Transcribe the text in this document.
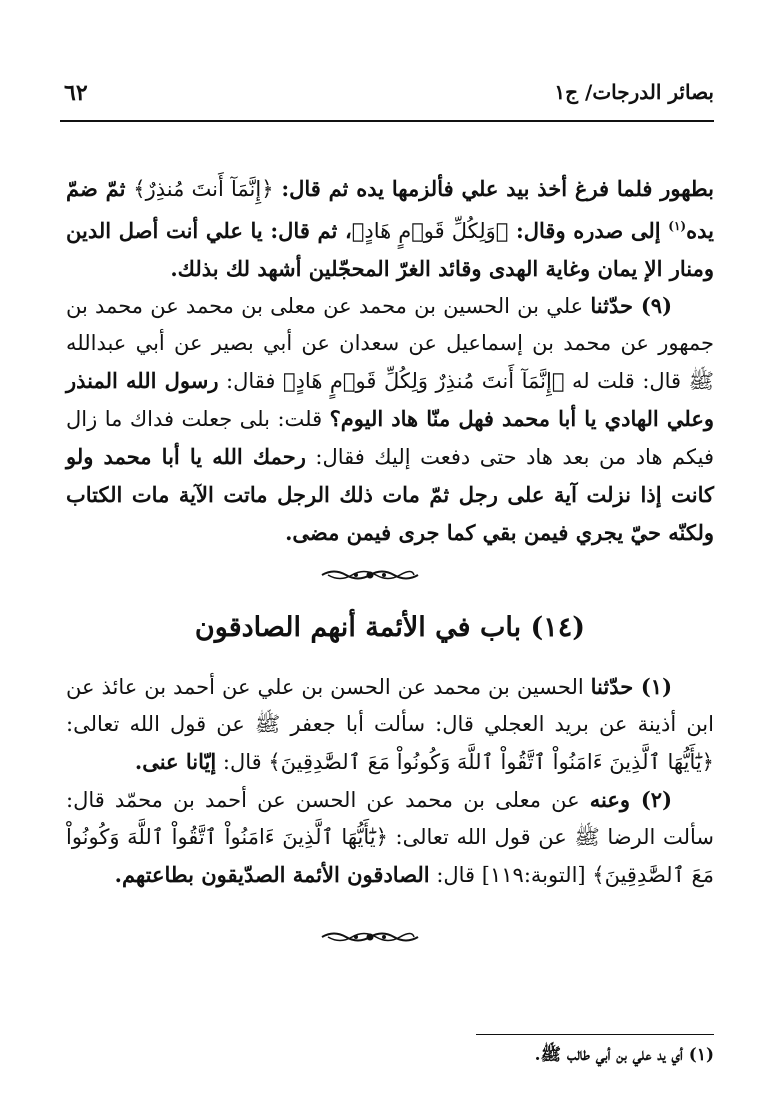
بصائر الدرجات/ ج١
٦٢

بطهور فلما فرغ أخذ بيد علي فألزمها يده ثم قال: ﴿إِنَّمَآ أَنتَ مُنذِرٌ﴾ ثمّ ضمّ يده$^{(١)}$ إلى صدره وقال: ﴿وَلِكُلِّ قَوۡمٍ هَادٍ﴾، ثم قال: يا علي أنت أصل الدين ومنار الإ يمان وغاية الهدى وقائد الغرّ المحجّلين أشهد لك بذلك.

(٩) حدّثنا علي بن الحسين بن محمد عن معلى بن محمد عن محمد بن جمهور عن محمد بن إسماعيل عن سعدان عن أبي بصير عن أبي عبدالله ﷺ قال: قلت له ﴿إِنَّمَآ أَنتَ مُنذِرٌ وَلِكُلِّ قَوۡمٍ هَادٍ﴾ فقال: رسول الله المنذر وعلي الهادي يا أبا محمد فهل منّا هاد اليوم؟ قلت: بلى جعلت فداك ما زال فيكم هاد من بعد هاد حتى دفعت إليك فقال: رحمك الله يا أبا محمد ولو كانت إذا نزلت آية على رجل ثمّ مات ذلك الرجل ماتت الآية مات الكتاب ولكنّه حيّ يجري فيمن بقي كما جرى فيمن مضى.

(١٤) باب في الأئمة أنهم الصادقون

(١) حدّثنا الحسين بن محمد عن الحسن بن علي عن أحمد بن عائذ عن ابن أذينة عن بريد العجلي قال: سألت أبا جعفر ﷺ عن قول الله تعالى: ﴿يَٰٓأَيُّهَا ٱلَّذِينَ ءَامَنُواْ ٱتَّقُواْ ٱللَّهَ وَكُونُواْ مَعَ ٱلصَّٰدِقِينَ﴾ قال: إيّانا عنى.

(٢) وعنه عن معلى بن محمد عن الحسن عن أحمد بن محمّد قال: سألت الرضا ﷺ عن قول الله تعالى: ﴿يَٰٓأَيُّهَا ٱلَّذِينَ ءَامَنُواْ ٱتَّقُواْ ٱللَّهَ وَكُونُواْ مَعَ ٱلصَّٰدِقِينَ﴾ [التوبة:١١٩] قال: الصادقون الأئمة الصدّيقون بطاعتهم.

(١) أي يد علي بن أبي طالب ﷺ.
